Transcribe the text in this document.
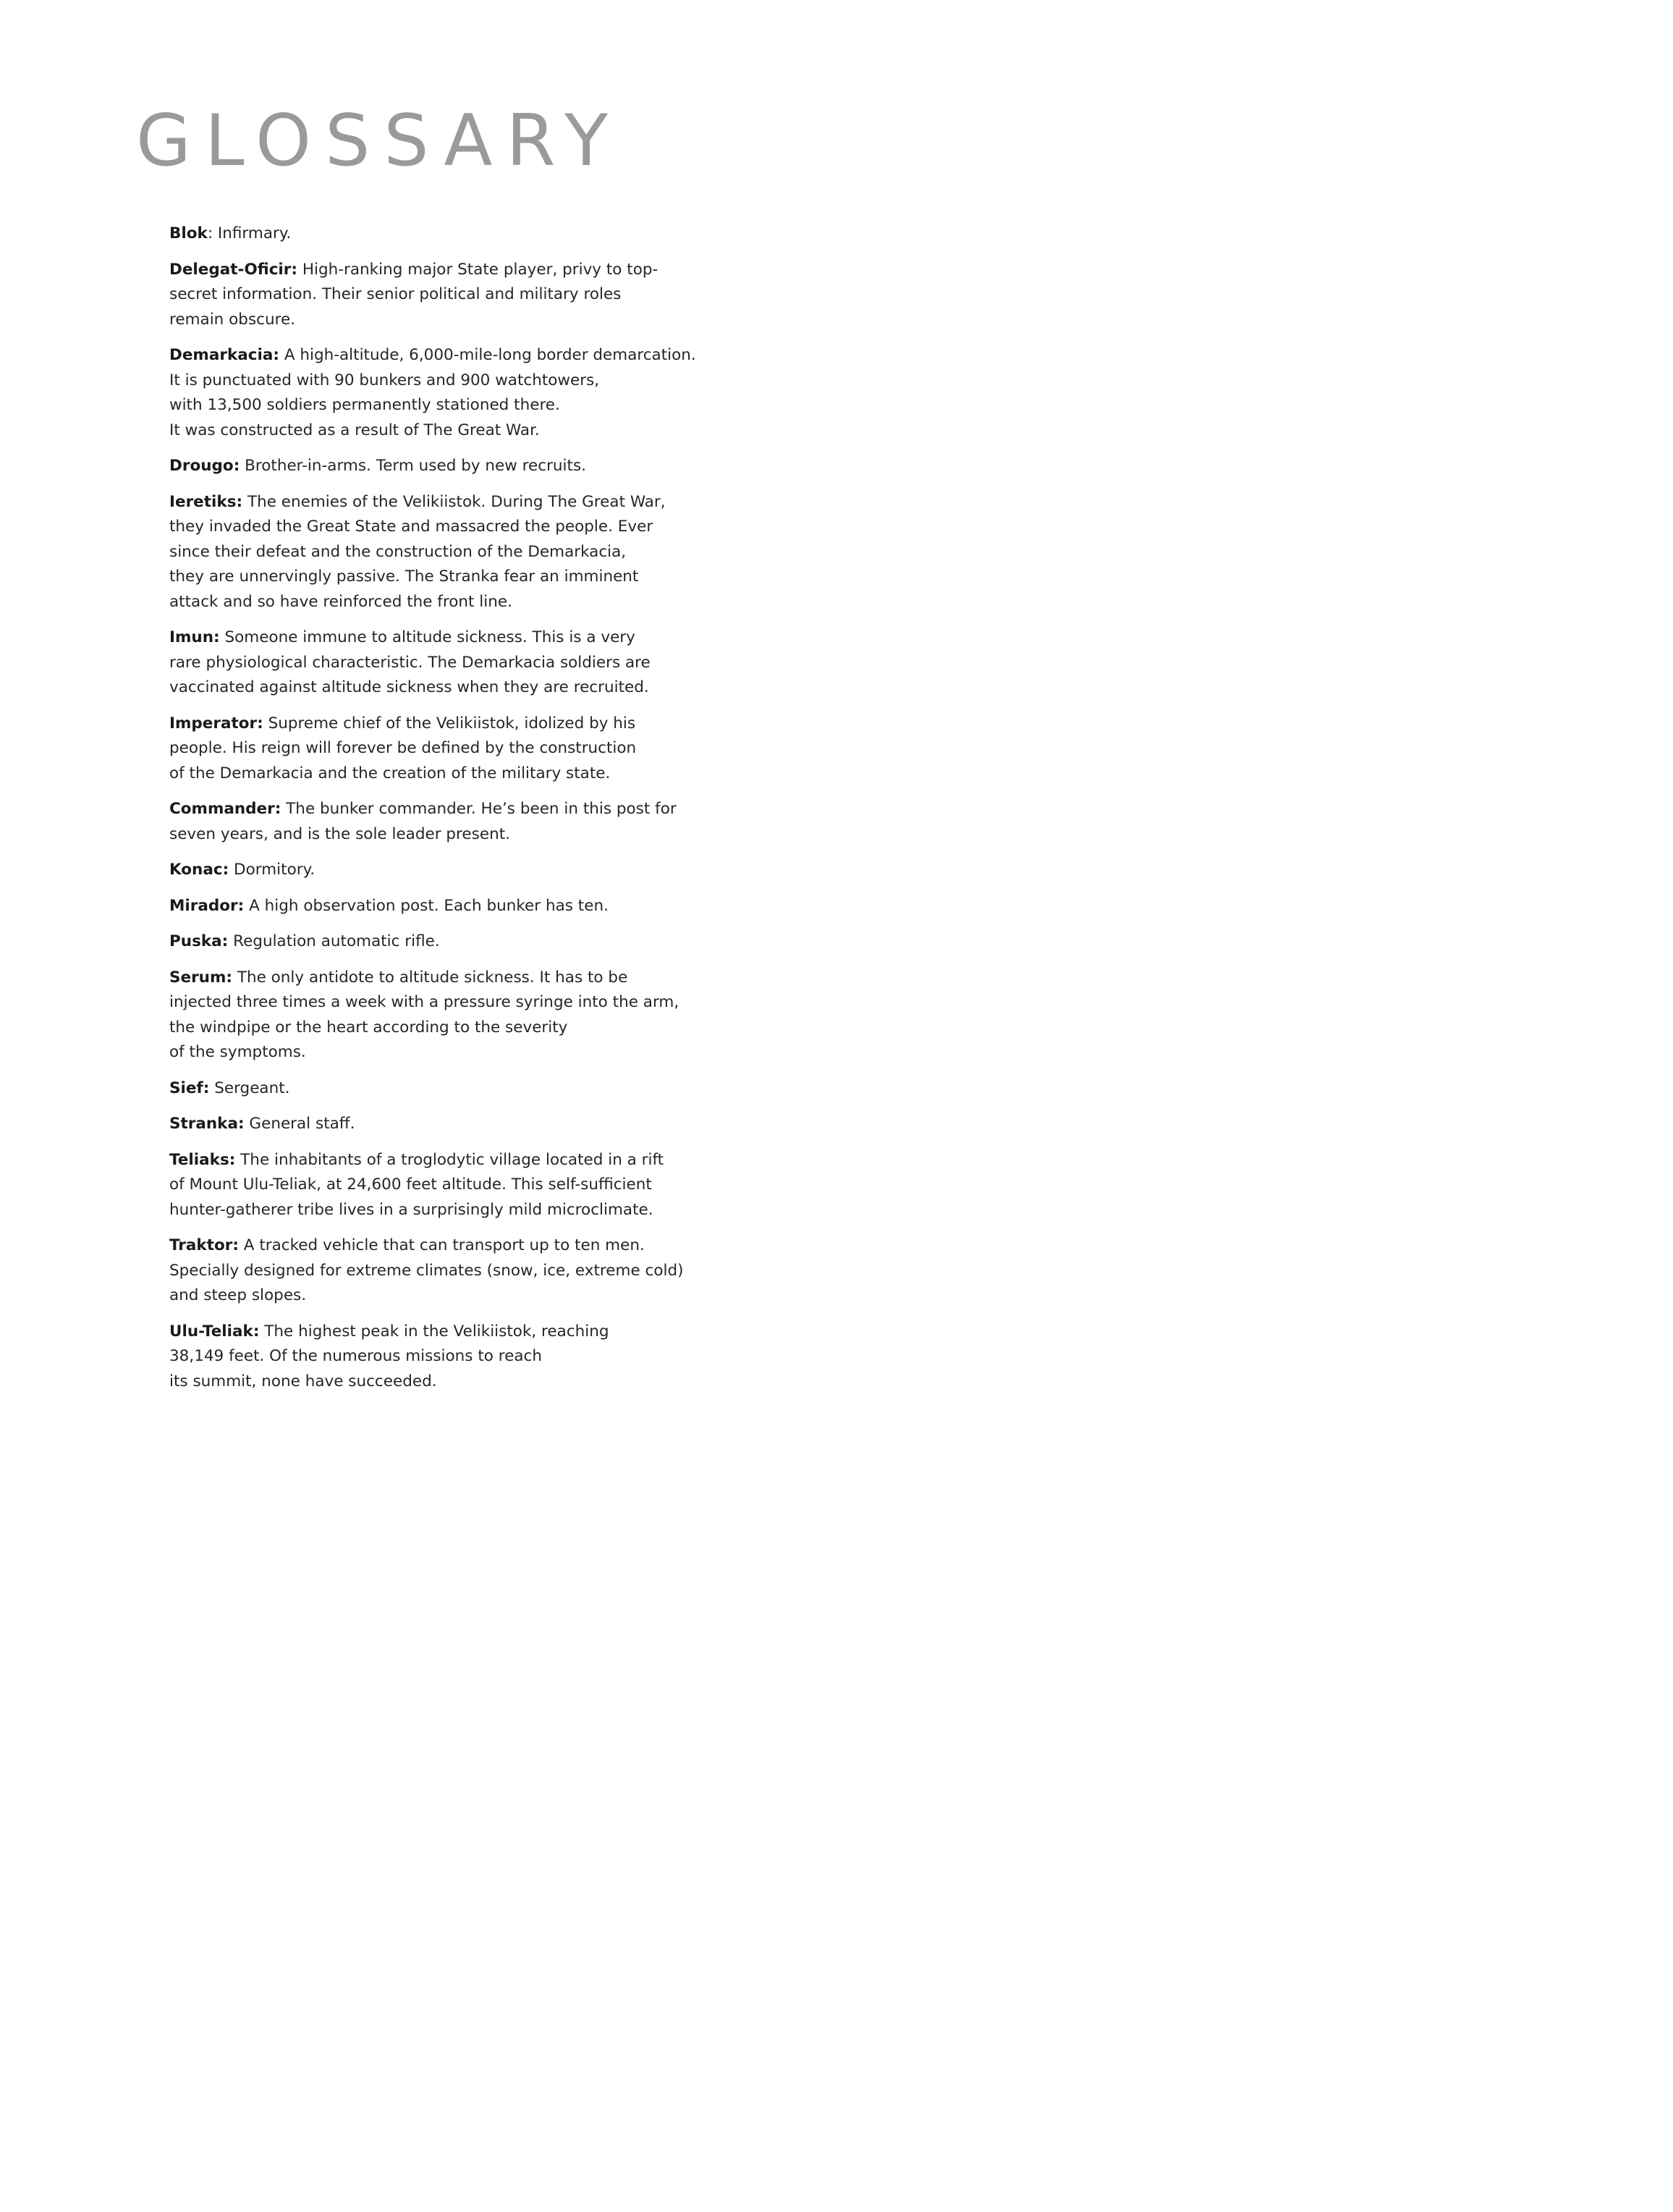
GLOSSARY

Blok: Infirmary.

Delegat-Oficir: High-ranking major State player, privy to top-
secret information. Their senior political and military roles
remain obscure.

Demarkacia: A high-altitude, 6,000-mile-long border demarcation.
It is punctuated with 90 bunkers and 900 watchtowers,
with 13,500 soldiers permanently stationed there.
It was constructed as a result of The Great War.

Drougo: Brother-in-arms. Term used by new recruits.

Ieretiks: The enemies of the Velikiistok. During The Great War,
they invaded the Great State and massacred the people. Ever
since their defeat and the construction of the Demarkacia,
they are unnervingly passive. The Stranka fear an imminent
attack and so have reinforced the front line.

Imun: Someone immune to altitude sickness. This is a very
rare physiological characteristic. The Demarkacia soldiers are
vaccinated against altitude sickness when they are recruited.

Imperator: Supreme chief of the Velikiistok, idolized by his
people. His reign will forever be defined by the construction
of the Demarkacia and the creation of the military state.

Commander: The bunker commander. He’s been in this post for
seven years, and is the sole leader present.

Konac: Dormitory.

Mirador: A high observation post. Each bunker has ten.

Puska: Regulation automatic rifle.

Serum: The only antidote to altitude sickness. It has to be
injected three times a week with a pressure syringe into the arm,
the windpipe or the heart according to the severity
of the symptoms.

Sief: Sergeant.

Stranka: General staff.

Teliaks: The inhabitants of a troglodytic village located in a rift
of Mount Ulu-Teliak, at 24,600 feet altitude. This self-sufficient
hunter-gatherer tribe lives in a surprisingly mild microclimate.

Traktor: A tracked vehicle that can transport up to ten men.
Specially designed for extreme climates (snow, ice, extreme cold)
and steep slopes.

Ulu-Teliak: The highest peak in the Velikiistok, reaching
38,149 feet. Of the numerous missions to reach
its summit, none have succeeded.
